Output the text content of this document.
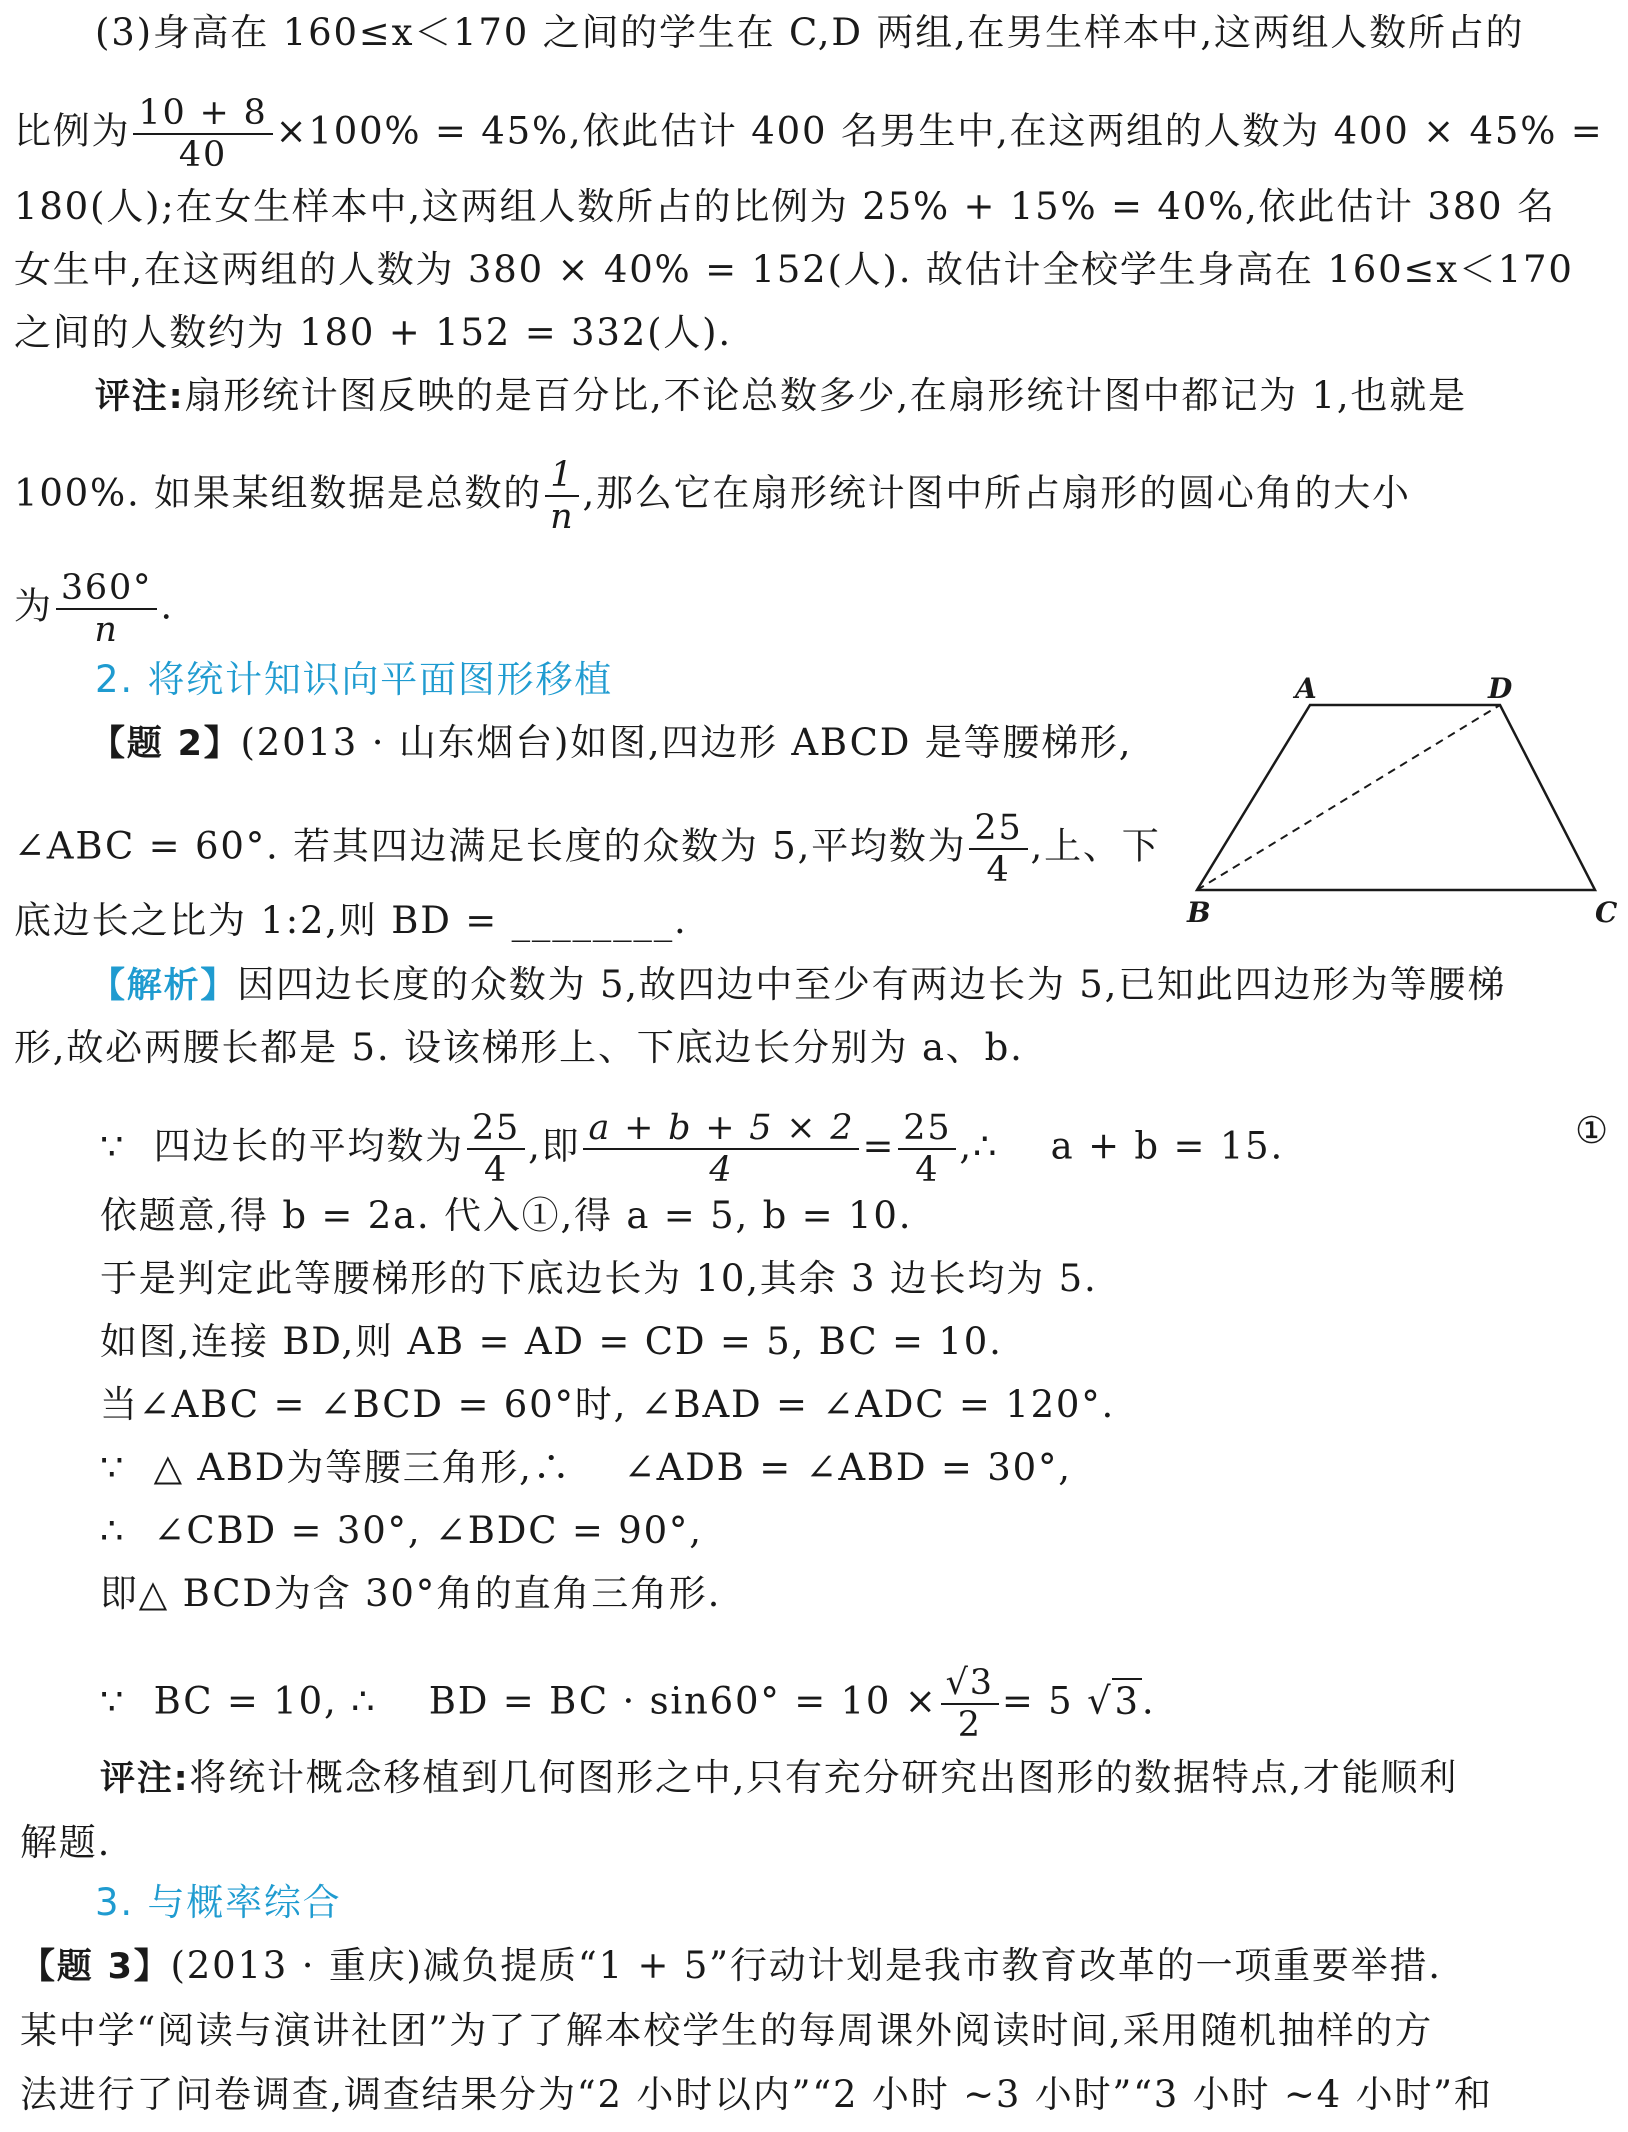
(3)身高在 160≤x＜170 之间的学生在 C,D 两组,在男生样本中,这两组人数所占的
比例为 $\frac{10 + 8}{40} \times 100\% = 45\%$,依此估计 400 名男生中,在这两组的人数为 400 × 45% =
180(人);在女生样本中,这两组人数所占的比例为 25% + 15% = 40%,依此估计 380 名
女生中,在这两组的人数为 380 × 40% = 152(人). 故估计全校学生身高在 160≤x＜170
之间的人数约为 180 + 152 = 332(人).
评注:扇形统计图反映的是百分比,不论总数多少,在扇形统计图中都记为 1,也就是
100%. 如果某组数据是总数的 $\frac{1}{n}$ ,那么它在扇形统计图中所占扇形的圆心角的大小
为 $\frac{360^\circ}{n}$ .
2. 将统计知识向平面图形移植
【题 2】(2013 · 山东烟台)如图,四边形 ABCD 是等腰梯形,
∠ABC = 60°. 若其四边满足长度的众数为 5,平均数为 $\frac{25}{4}$ ,上、下
底边长之比为 1:2,则 BD = ________.
A	D
B	C
【解析】因四边长度的众数为 5,故四边中至少有两边长为 5,已知此四边形为等腰梯
形,故必两腰长都是 5. 设该梯形上、下底边长分别为 a、b.
∵ 四边长的平均数为 $\frac{25}{4}$ ,即 $\frac{a + b + 5 \times 2}{4} = \frac{25}{4}$ ,∴　 a + b = 15.	①
依题意,得 b = 2a. 代入①,得 a = 5, b = 10.
于是判定此等腰梯形的下底边长为 10,其余 3 边长均为 5.
如图,连接 BD,则 AB = AD = CD = 5, BC = 10.
当∠ABC = ∠BCD = 60°时, ∠BAD = ∠ADC = 120°.
∵ △ ABD为等腰三角形,∴　 ∠ADB = ∠ABD = 30°,
∴ ∠CBD = 30°, ∠BDC = 90°,
即△ BCD为含 30°角的直角三角形.
∵ BC = 10, ∴　 BD = BC · $\sin 60^\circ = 10 \times \frac{√3}{2} = 5$ √3.
评注:将统计概念移植到几何图形之中,只有充分研究出图形的数据特点,才能顺利
解题.
3. 与概率综合
【题 3】(2013 · 重庆)减负提质“1 + 5”行动计划是我市教育改革的一项重要举措.
某中学“阅读与演讲社团”为了了解本校学生的每周课外阅读时间,采用随机抽样的方
法进行了问卷调查,调查结果分为“2 小时以内”“2 小时 ~3 小时”“3 小时 ~4 小时”和
